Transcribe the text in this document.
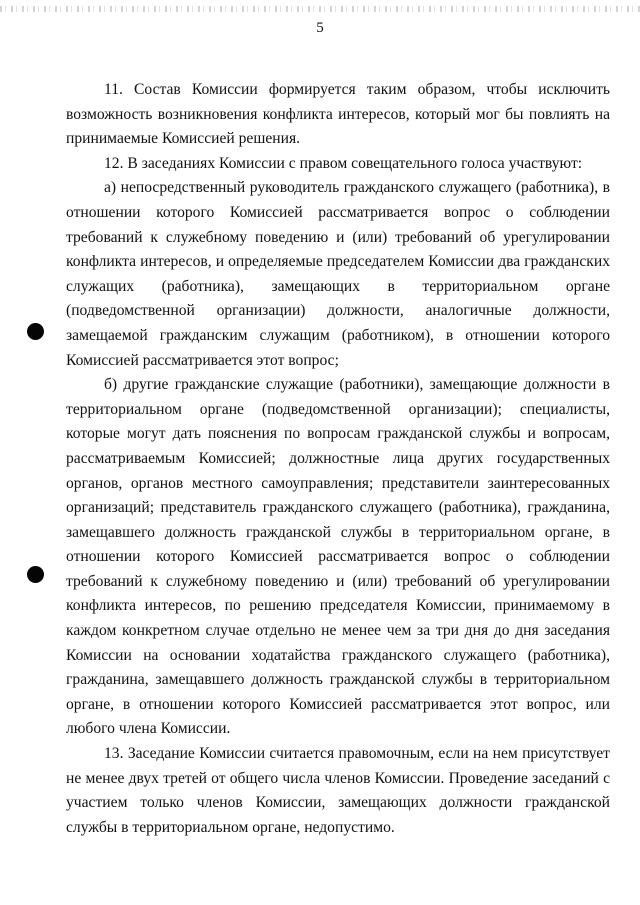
5

11. Состав Комиссии формируется таким образом, чтобы исключить возможность возникновения конфликта интересов, который мог бы повлиять на принимаемые Комиссией решения.

12. В заседаниях Комиссии с правом совещательного голоса участвуют:

а) непосредственный руководитель гражданского служащего (работника), в отношении которого Комиссией рассматривается вопрос о соблюдении требований к служебному поведению и (или) требований об урегулировании конфликта интересов, и определяемые председателем Комиссии два гражданских служащих (работника), замещающих в территориальном органе (подведомственной организации) должности, аналогичные должности, замещаемой гражданским служащим (работником), в отношении которого Комиссией рассматривается этот вопрос;

б) другие гражданские служащие (работники), замещающие должности в территориальном органе (подведомственной организации); специалисты, которые могут дать пояснения по вопросам гражданской службы и вопросам, рассматриваемым Комиссией; должностные лица других государственных органов, органов местного самоуправления; представители заинтересованных организаций; представитель гражданского служащего (работника), гражданина, замещавшего должность гражданской службы в территориальном органе, в отношении которого Комиссией рассматривается вопрос о соблюдении требований к служебному поведению и (или) требований об урегулировании конфликта интересов, по решению председателя Комиссии, принимаемому в каждом конкретном случае отдельно не менее чем за три дня до дня заседания Комиссии на основании ходатайства гражданского служащего (работника), гражданина, замещавшего должность гражданской службы в территориальном органе, в отношении которого Комиссией рассматривается этот вопрос, или любого члена Комиссии.

13. Заседание Комиссии считается правомочным, если на нем присутствует не менее двух третей от общего числа членов Комиссии. Проведение заседаний с участием только членов Комиссии, замещающих должности гражданской службы в территориальном органе, недопустимо.
